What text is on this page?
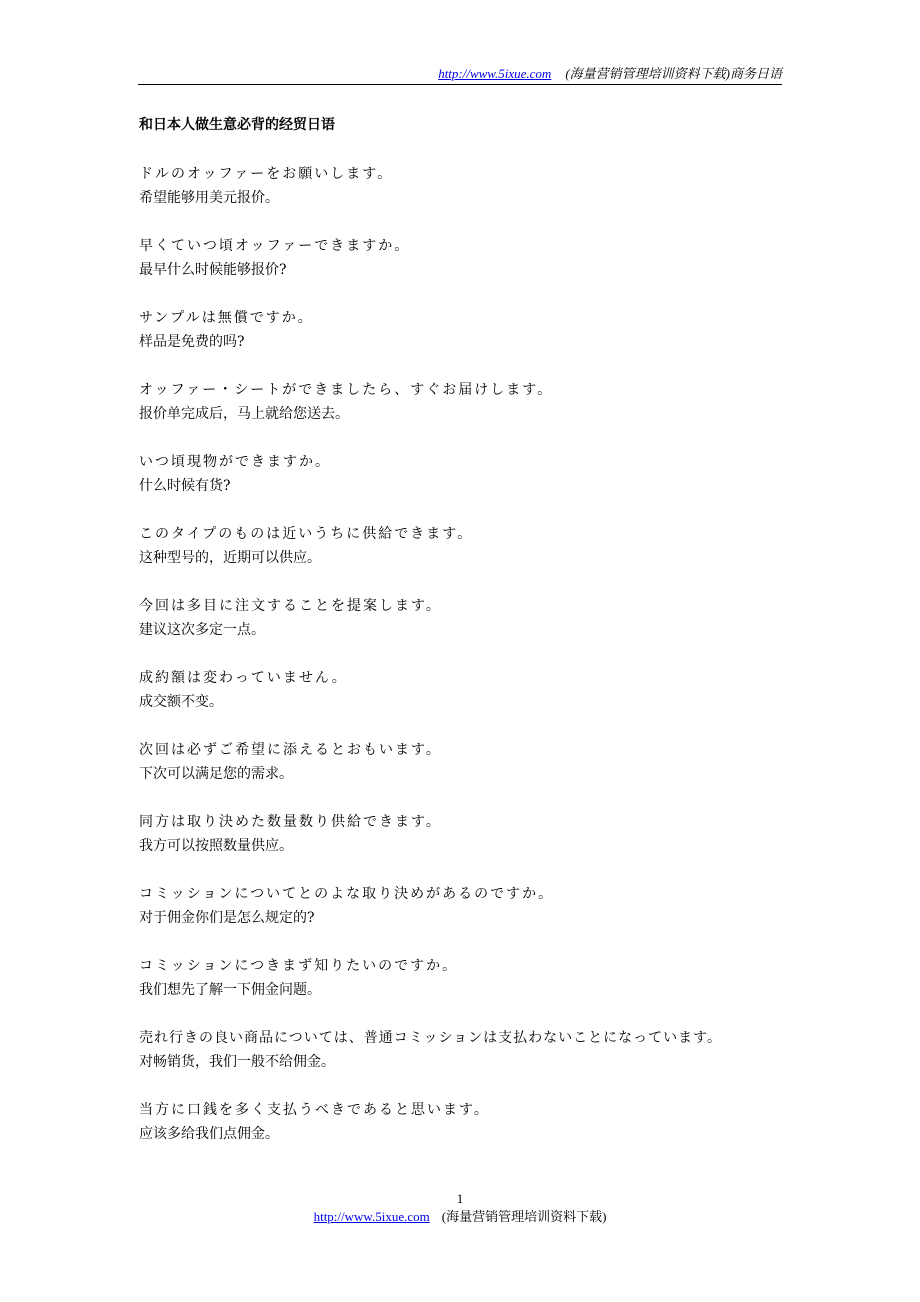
http://www.5ixue.com (海量营销管理培训资料下载)商务日语
和日本人做生意必背的经贸日语
ドルのオッファーをお願いします。
希望能够用美元报价。
早くていつ頃オッファーできますか。
最早什么时候能够报价?
サンプルは無償ですか。
样品是免费的吗?
オッファー・シートができましたら、すぐお届けします。
报价单完成后，马上就给您送去。
いつ頃現物ができますか。
什么时候有货?
このタイプのものは近いうちに供給できます。
这种型号的，近期可以供应。
今回は多目に注文することを提案します。
建议这次多定一点。
成約額は変わっていません。
成交额不变。
次回は必ずご希望に添えるとおもいます。
下次可以满足您的需求。
同方は取り決めた数量数り供給できます。
我方可以按照数量供应。
コミッションについてとのよな取り決めがあるのですか。
对于佣金你们是怎么规定的?
コミッションにつきまず知りたいのですか。
我们想先了解一下佣金问题。
売れ行きの良い商品については、普通コミッションは支払わないことになっています。
对畅销货，我们一般不给佣金。
当方に口銭を多く支払うべきであると思います。
应该多给我们点佣金。
1
http://www.5ixue.com (海量营销管理培训资料下载)
